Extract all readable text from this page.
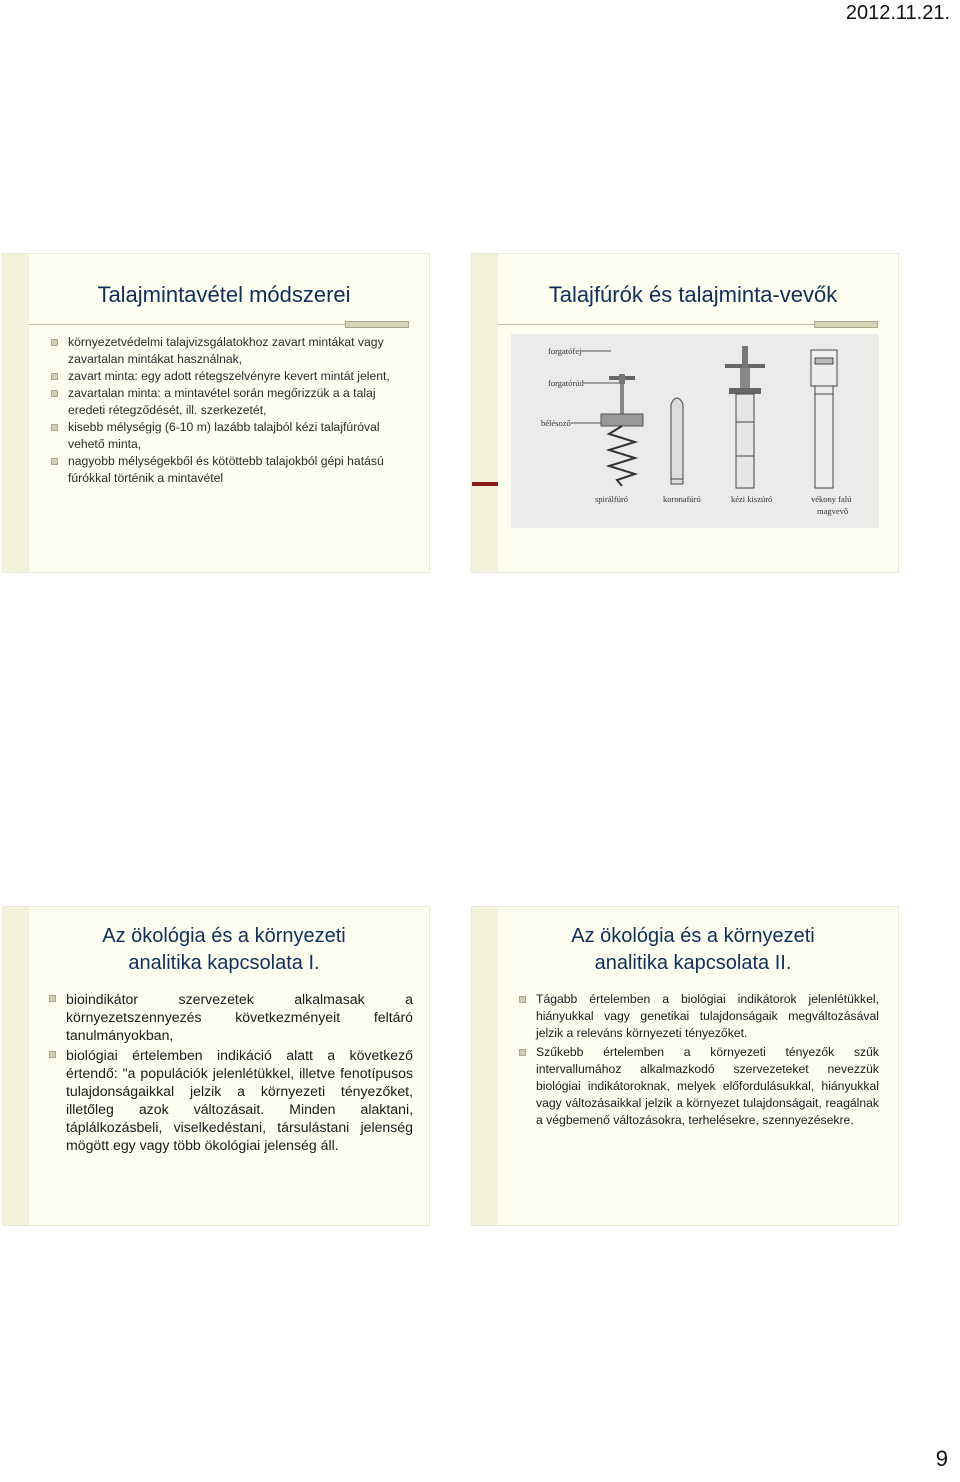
2012.11.21.
Talajmintavétel módszerei
környezetvédelmi talajvizsgálatokhoz zavart mintákat vagy zavartalan mintákat használnak,
zavart minta: egy adott rétegszelvényre kevert mintát jelent,
zavartalan minta: a mintavétel során megőrizzük a a talaj eredeti rétegződését, ill. szerkezetét,
kisebb mélységig (6-10 m) lazább talajból kézi talajfúróval vehető minta,
nagyobb mélységekből és kötöttebb talajokból gépi hatású fúrókkal történik a mintavétel
Talajfúrók és talajminta-vevők
forgatófej
forgatórúd
bélésoző
spirálfúró	koronafúró	kézi kiszúró	vékony falú
magvevő
Az ökológia és a környezeti
analitika kapcsolata I.
bioindikátor szervezetek alkalmasak a környezetszennyezés következményeit feltáró tanulmányokban,
biológiai értelemben indikáció alatt a következő értendő: "a populációk jelenlétükkel, illetve fenotípusos tulajdonságaikkal jelzik a környezeti tényezőket, illetőleg azok változásait. Minden alaktani, táplálkozásbeli, viselkedéstani, társulástani jelenség mögött egy vagy több ökológiai jelenség áll.
Az ökológia és a környezeti
analitika kapcsolata II.
Tágabb értelemben a biológiai indikátorok jelenlétükkel, hiányukkal vagy genetikai tulajdonságaik megváltozásával jelzik a releváns környezeti tényezőket.
Szűkebb értelemben a környezeti tényezők szűk intervallumához alkalmazkodó szervezeteket nevezzük biológiai indikátoroknak, melyek előfordulásukkal, hiányukkal vagy változásaikkal jelzik a környezet tulajdonságait, reagálnak a végbemenő változásokra, terhelésekre, szennyezésekre.
9
